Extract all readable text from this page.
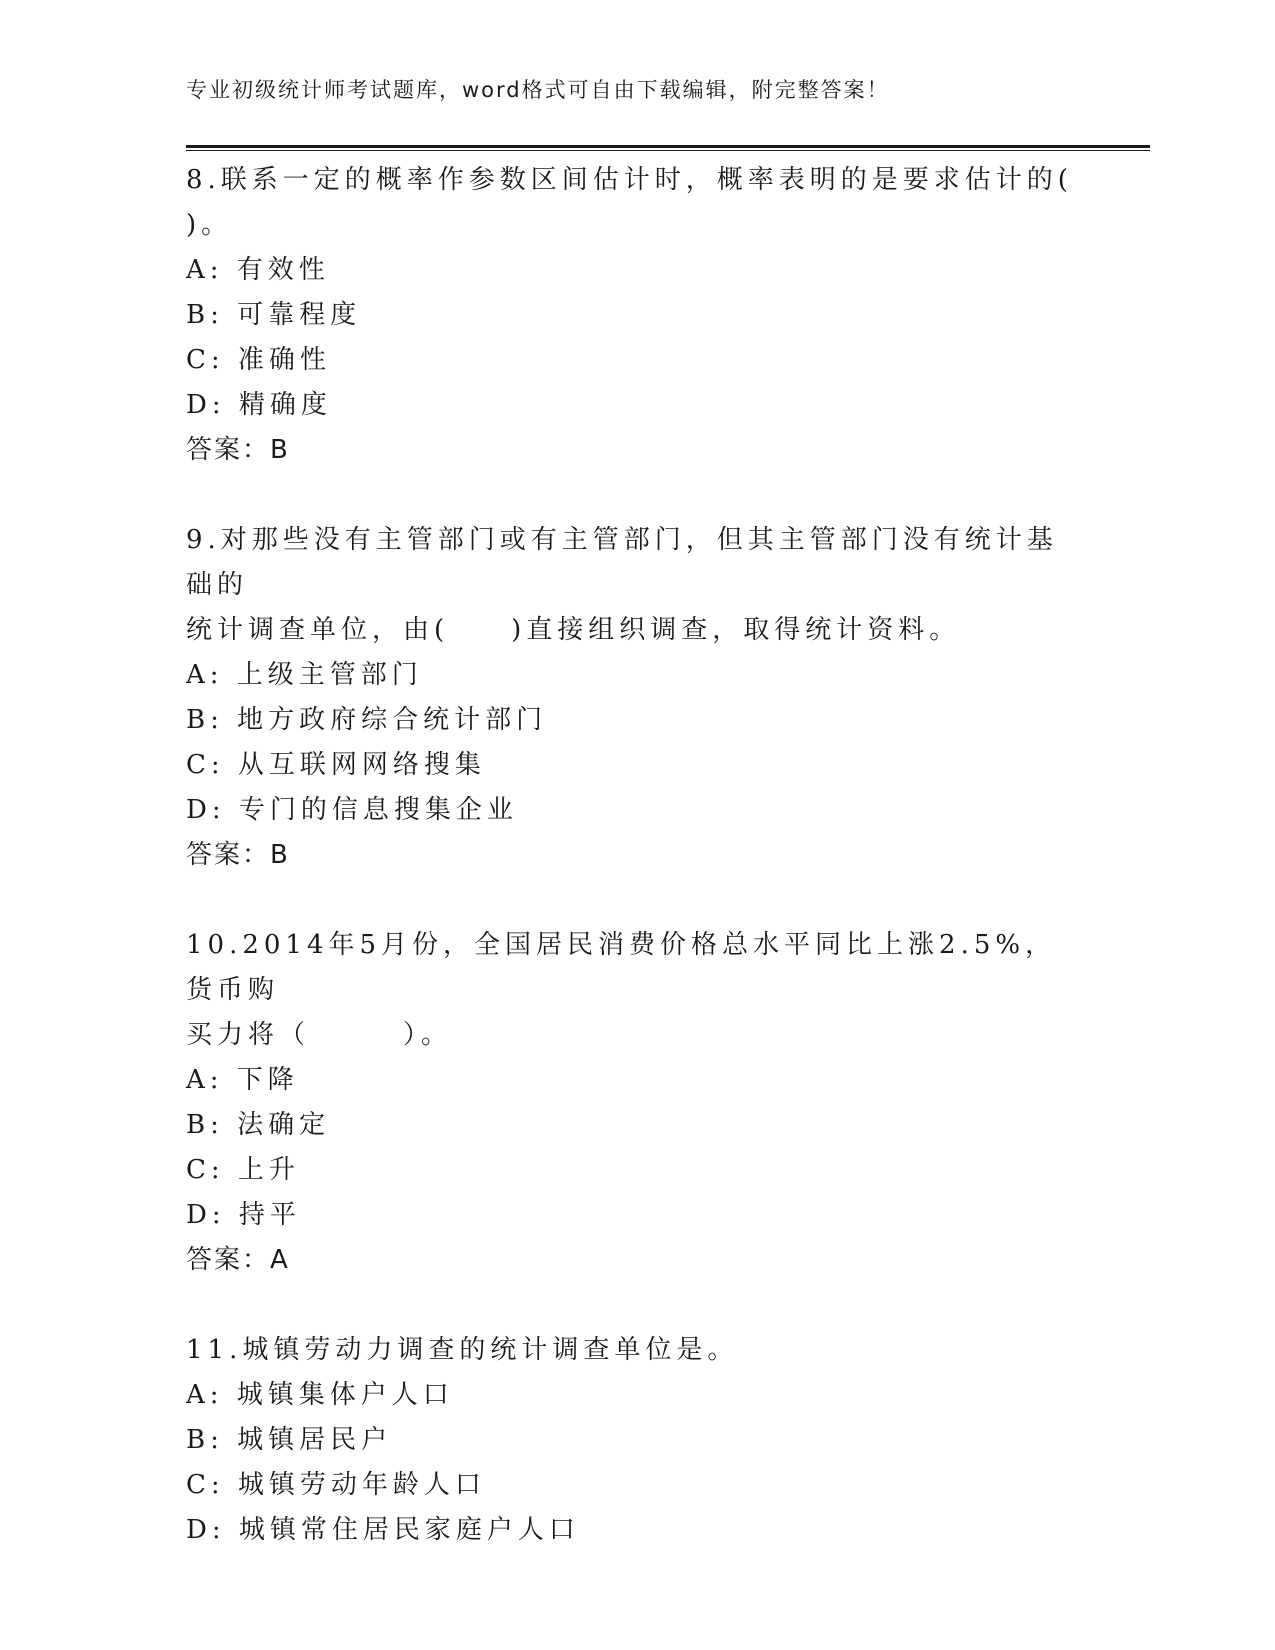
专业初级统计师考试题库，word格式可自由下载编辑，附完整答案！

8.联系一定的概率作参数区间估计时，概率表明的是要求估计的(
)。

A: 有效性

B: 可靠程度

C: 准确性

D: 精确度

答案：B

9.对那些没有主管部门或有主管部门，但其主管部门没有统计基础的
统计调查单位，由(　　)直接组织调查，取得统计资料。

A: 上级主管部门

B: 地方政府综合统计部门

C: 从互联网网络搜集

D: 专门的信息搜集企业

答案：B

10.2014年5月份，全国居民消费价格总水平同比上涨2.5%，货币购
买力将（　　　）。

A: 下降

B: 法确定

C: 上升

D: 持平

答案：A

11.城镇劳动力调查的统计调查单位是。

A: 城镇集体户人口

B: 城镇居民户

C: 城镇劳动年龄人口

D: 城镇常住居民家庭户人口
